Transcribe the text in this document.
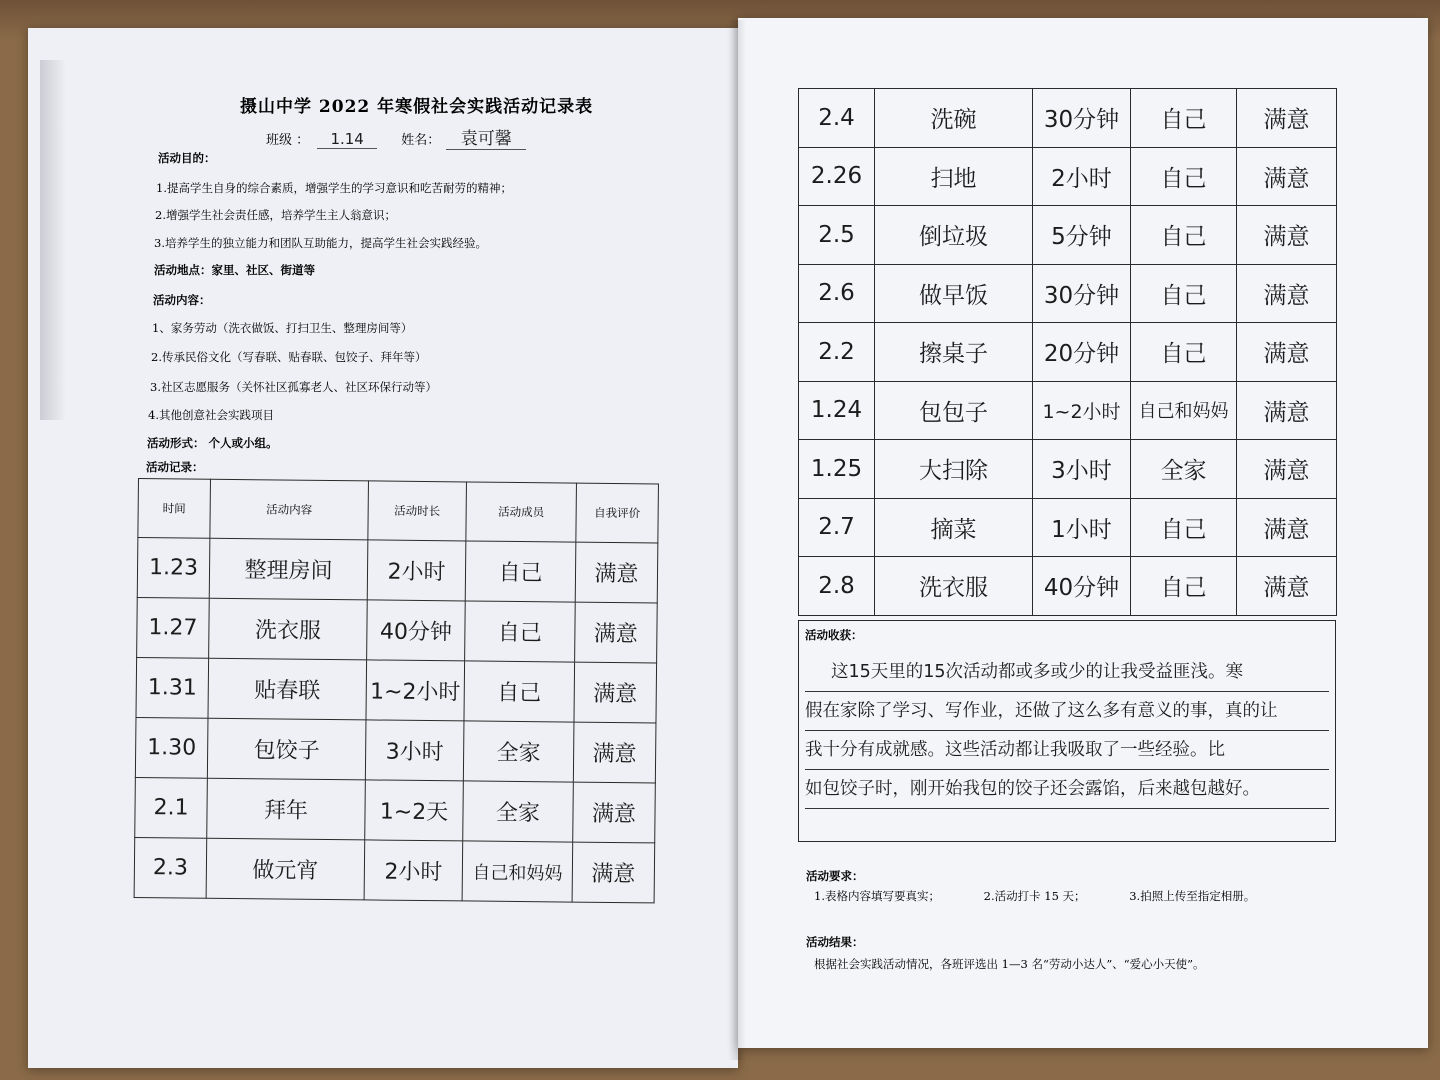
摄山中学 2022 年寒假社会实践活动记录表
班级 ： 1.14	姓名： 袁可馨
活动目的：
1.提高学生自身的综合素质，增强学生的学习意识和吃苦耐劳的精神；
2.增强学生社会责任感，培养学生主人翁意识；
3.培养学生的独立能力和团队互助能力，提高学生社会实践经验。
活动地点：家里、社区、街道等
活动内容：
1、家务劳动（洗衣做饭、打扫卫生、整理房间等）
2.传承民俗文化（写春联、贴春联、包饺子、拜年等）
3.社区志愿服务（关怀社区孤寡老人、社区环保行动等）
4.其他创意社会实践项目
活动形式： 个人或小组。
活动记录：
时间	活动内容	活动时长	活动成员	自我评价
1.23	整理房间	2小时	自己	满意
1.27	洗衣服	40分钟	自己	满意
1.31	贴春联	1~2小时	自己	满意
1.30	包饺子	3小时	全家	满意
2.1	拜年	1~2天	全家	满意
2.3	做元宵	2小时	自己和妈妈	满意
2.4	洗碗	30分钟	自己	满意
2.26	扫地	2小时	自己	满意
2.5	倒垃圾	5分钟	自己	满意
2.6	做早饭	30分钟	自己	满意
2.2	擦桌子	20分钟	自己	满意
1.24	包包子	1~2小时	自己和妈妈	满意
1.25	大扫除	3小时	全家	满意
2.7	摘菜	1小时	自己	满意
2.8	洗衣服	40分钟	自己	满意
活动收获：
这15天里的15次活动都或多或少的让我受益匪浅。寒
假在家除了学习、写作业，还做了这么多有意义的事，真的让
我十分有成就感。这些活动都让我吸取了一些经验。比
如包饺子时，刚开始我包的饺子还会露馅，后来越包越好。
活动要求：
1.表格内容填写要真实；	2.活动打卡 15 天；	3.拍照上传至指定相册。
活动结果：
根据社会实践活动情况，各班评选出 1—3 名“劳动小达人”、“爱心小天使”。
